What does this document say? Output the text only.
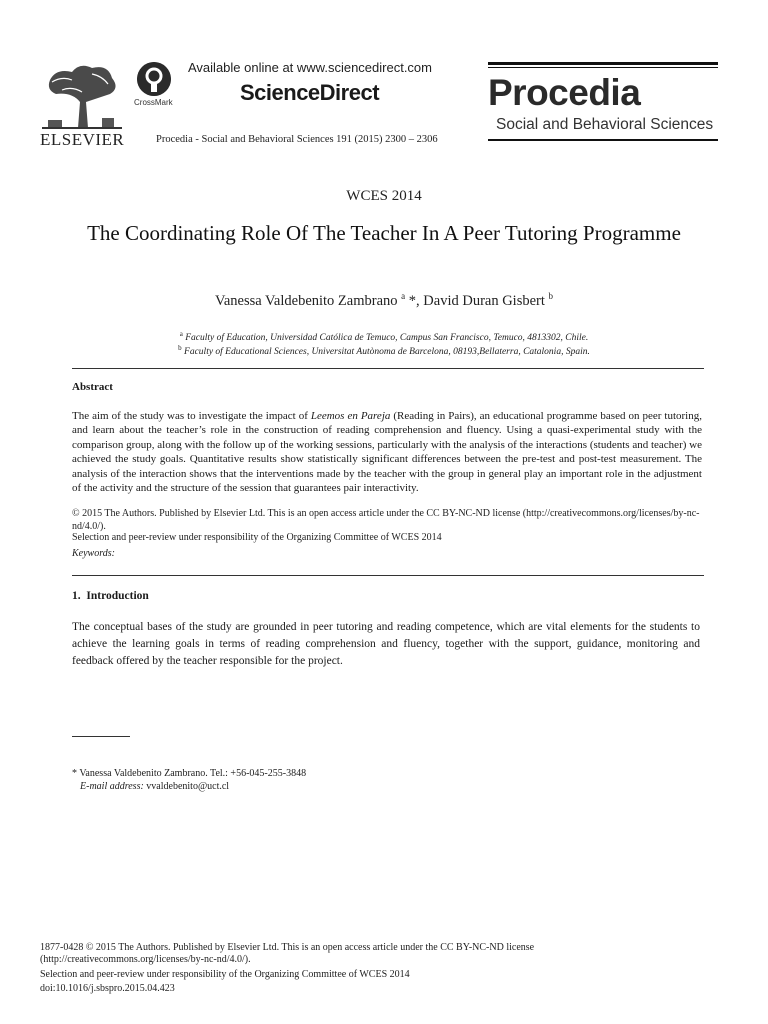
ELSEVIER
CrossMark
Available online at www.sciencedirect.com
ScienceDirect
Procedia - Social and Behavioral Sciences 191 (2015) 2300 – 2306
Procedia
Social and Behavioral Sciences
WCES 2014
The Coordinating Role Of The Teacher In A Peer Tutoring Programme
Vanessa Valdebenito Zambrano $^a$ *, David Duran Gisbert $^b$
$^a$ Faculty of Education, Universidad Católica de Temuco, Campus San Francisco, Temuco, 4813302, Chile.
$^b$ Faculty of Educational Sciences, Universitat Autònoma de Barcelona, 08193,Bellaterra, Catalonia, Spain.
Abstract
The aim of the study was to investigate the impact of Leemos en Pareja (Reading in Pairs), an educational programme based on peer tutoring, and learn about the teacher’s role in the construction of reading comprehension and fluency. Using a quasi-experimental study with the comparison group, along with the follow up of the working sessions, particularly with the analysis of the interactions (students and teacher) we achieved the study goals. Quantitative results show statistically significant differences between the pre-test and post-test measurement. The analysis of the interaction shows that the interventions made by the teacher with the group in general play an important role in the adjustment of the activity and the structure of the session that guarantees pair interactivity.
© 2015 The Authors. Published by Elsevier Ltd. This is an open access article under the CC BY-NC-ND license (http://creativecommons.org/licenses/by-nc-nd/4.0/).
Selection and peer-review under responsibility of the Organizing Committee of WCES 2014
Keywords:
1.  Introduction
The conceptual bases of the study are grounded in peer tutoring and reading competence, which are vital elements for the students to achieve the learning goals in terms of reading comprehension and fluency, together with the support, guidance, monitoring and feedback offered by the teacher responsible for the project.
* Vanessa Valdebenito Zambrano. Tel.: +56-045-255-3848
E-mail address: vvaldebenito@uct.cl
1877-0428 © 2015 The Authors. Published by Elsevier Ltd. This is an open access article under the CC BY-NC-ND license
(http://creativecommons.org/licenses/by-nc-nd/4.0/).
Selection and peer-review under responsibility of the Organizing Committee of WCES 2014
doi:10.1016/j.sbspro.2015.04.423
